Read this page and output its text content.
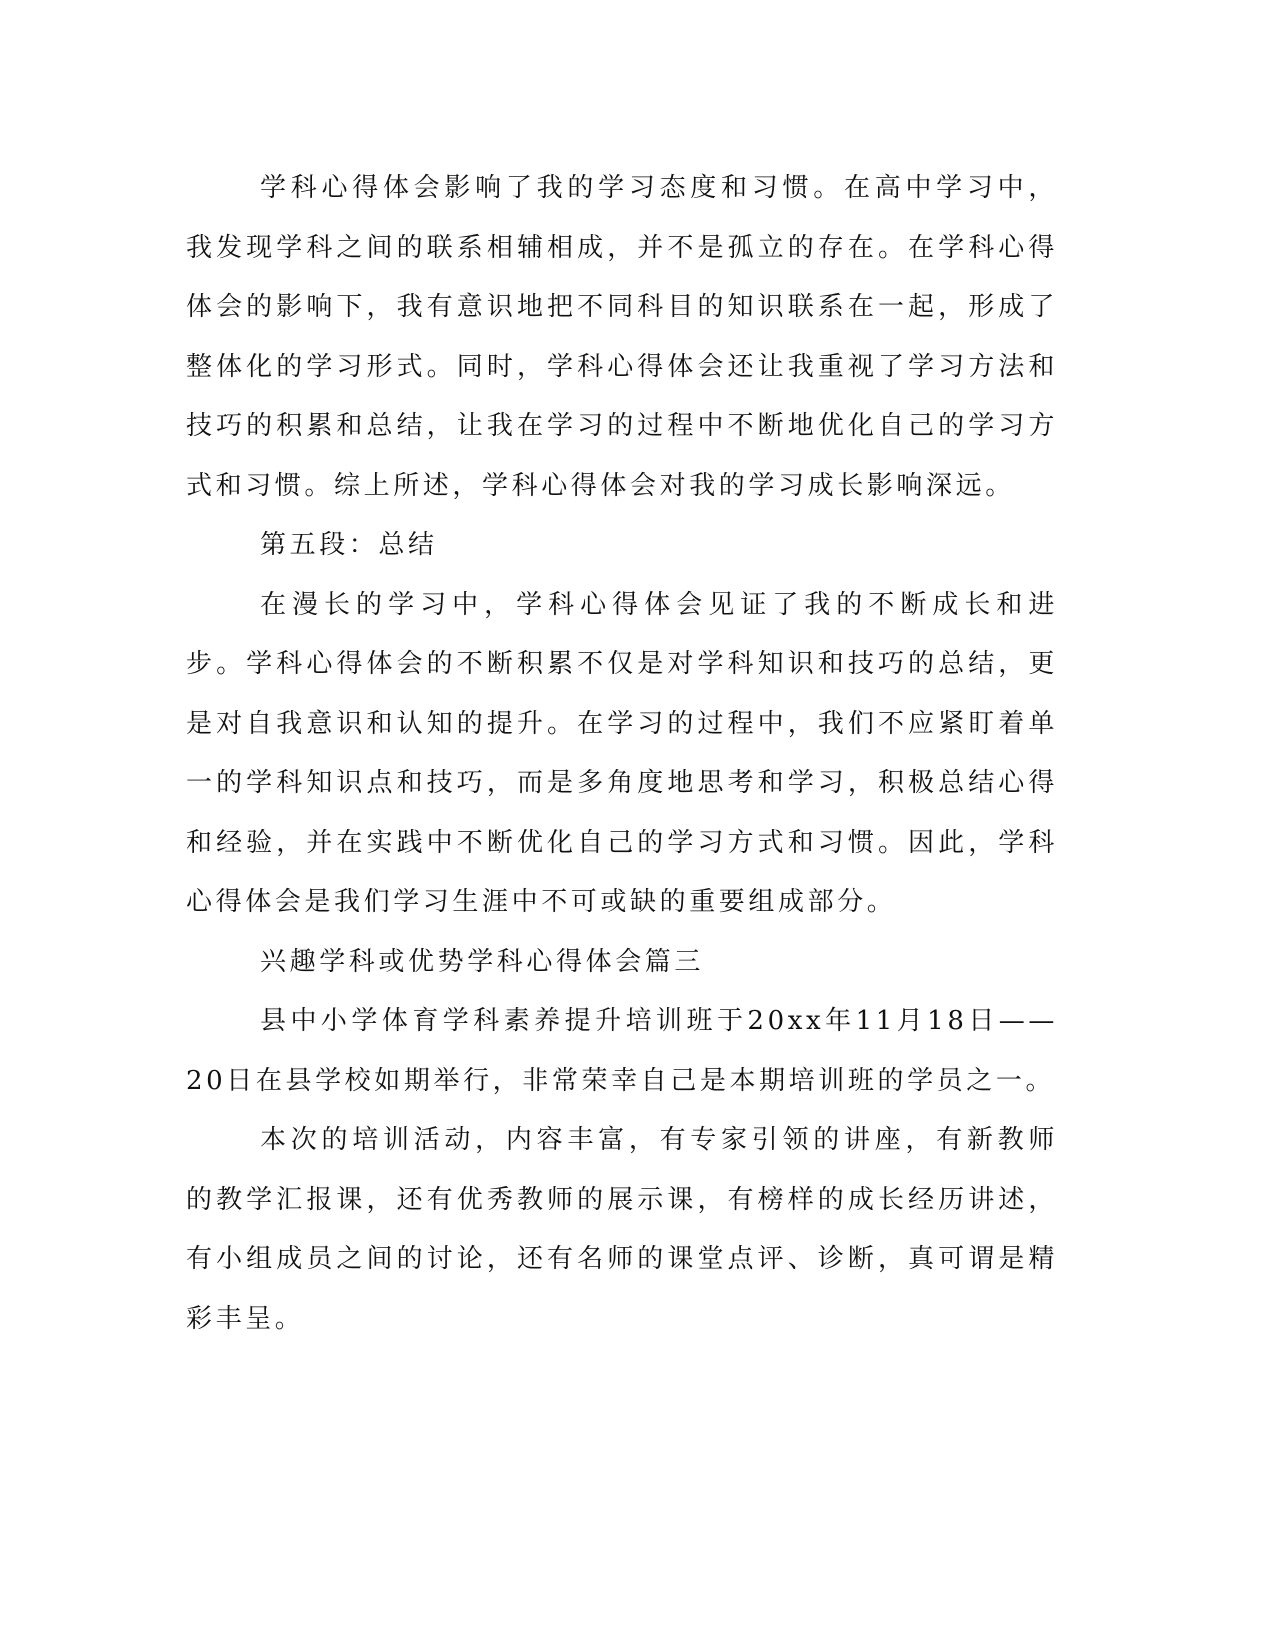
学科心得体会影响了我的学习态度和习惯。在高中学习中，我发现学科之间的联系相辅相成，并不是孤立的存在。在学科心得体会的影响下，我有意识地把不同科目的知识联系在一起，形成了整体化的学习形式。同时，学科心得体会还让我重视了学习方法和技巧的积累和总结，让我在学习的过程中不断地优化自己的学习方式和习惯。综上所述，学科心得体会对我的学习成长影响深远。

第五段：总结

在漫长的学习中，学科心得体会见证了我的不断成长和进步。学科心得体会的不断积累不仅是对学科知识和技巧的总结，更是对自我意识和认知的提升。在学习的过程中，我们不应紧盯着单一的学科知识点和技巧，而是多角度地思考和学习，积极总结心得和经验，并在实践中不断优化自己的学习方式和习惯。因此，学科心得体会是我们学习生涯中不可或缺的重要组成部分。

兴趣学科或优势学科心得体会篇三

县中小学体育学科素养提升培训班于20xx年11月18日——20日在县学校如期举行，非常荣幸自己是本期培训班的学员之一。

本次的培训活动，内容丰富，有专家引领的讲座，有新教师的教学汇报课，还有优秀教师的展示课，有榜样的成长经历讲述，有小组成员之间的讨论，还有名师的课堂点评、诊断，真可谓是精彩丰呈。
